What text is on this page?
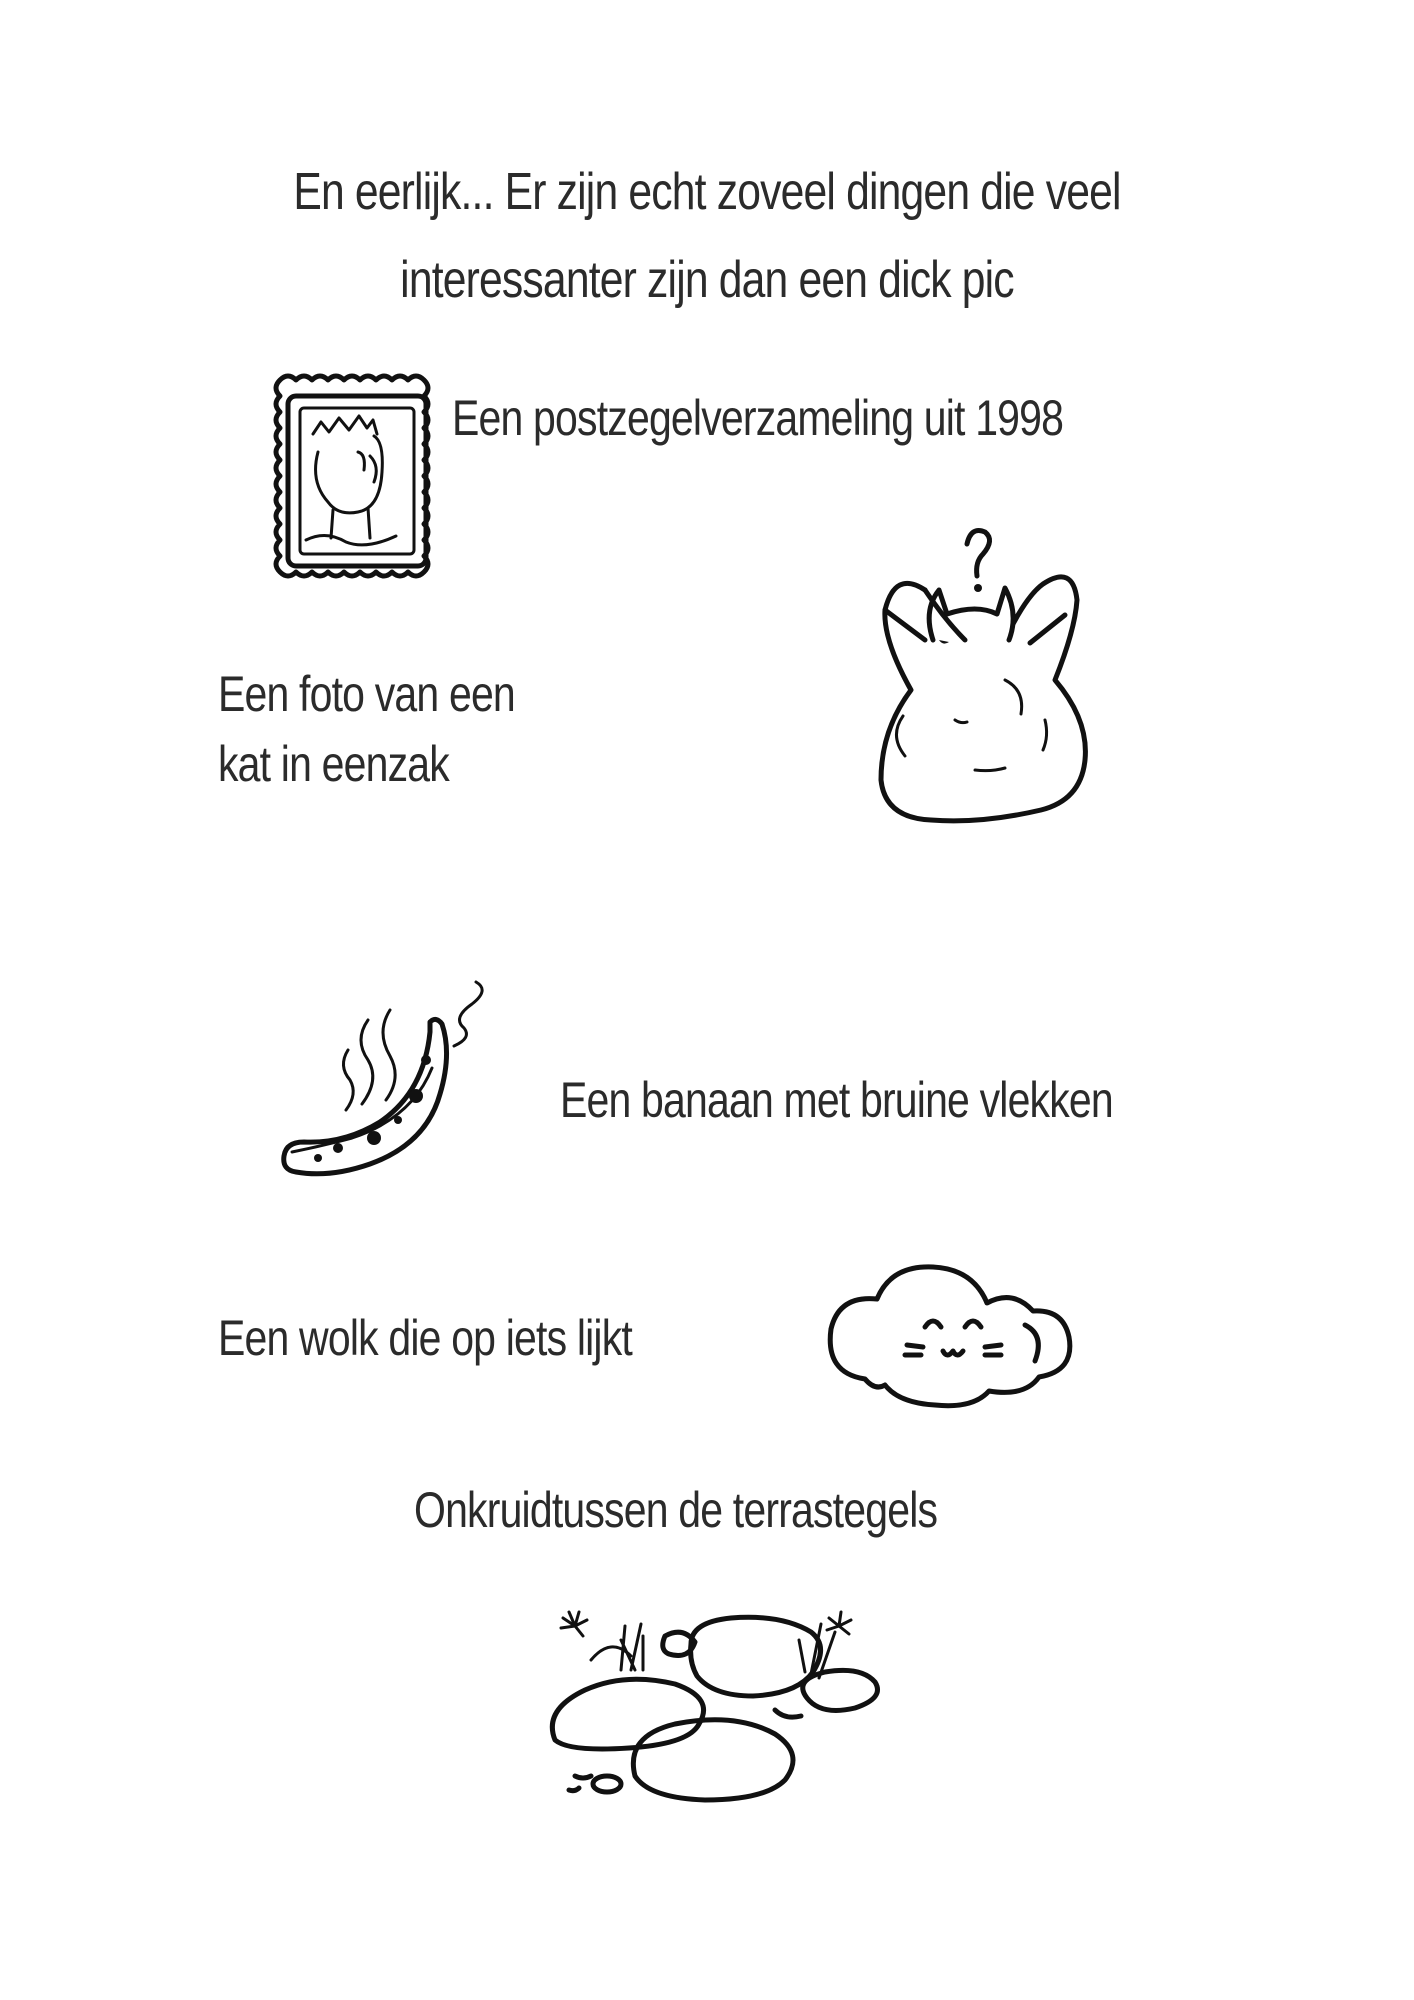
En eerlijk... Er zijn echt zoveel dingen die veel
interessanter zijn dan een dick pic
Een postzegelverzameling uit 1998
Een foto van een
kat in eenzak
Een banaan met bruine vlekken
Een wolk die op iets lijkt
Onkruidtussen de terrastegels
